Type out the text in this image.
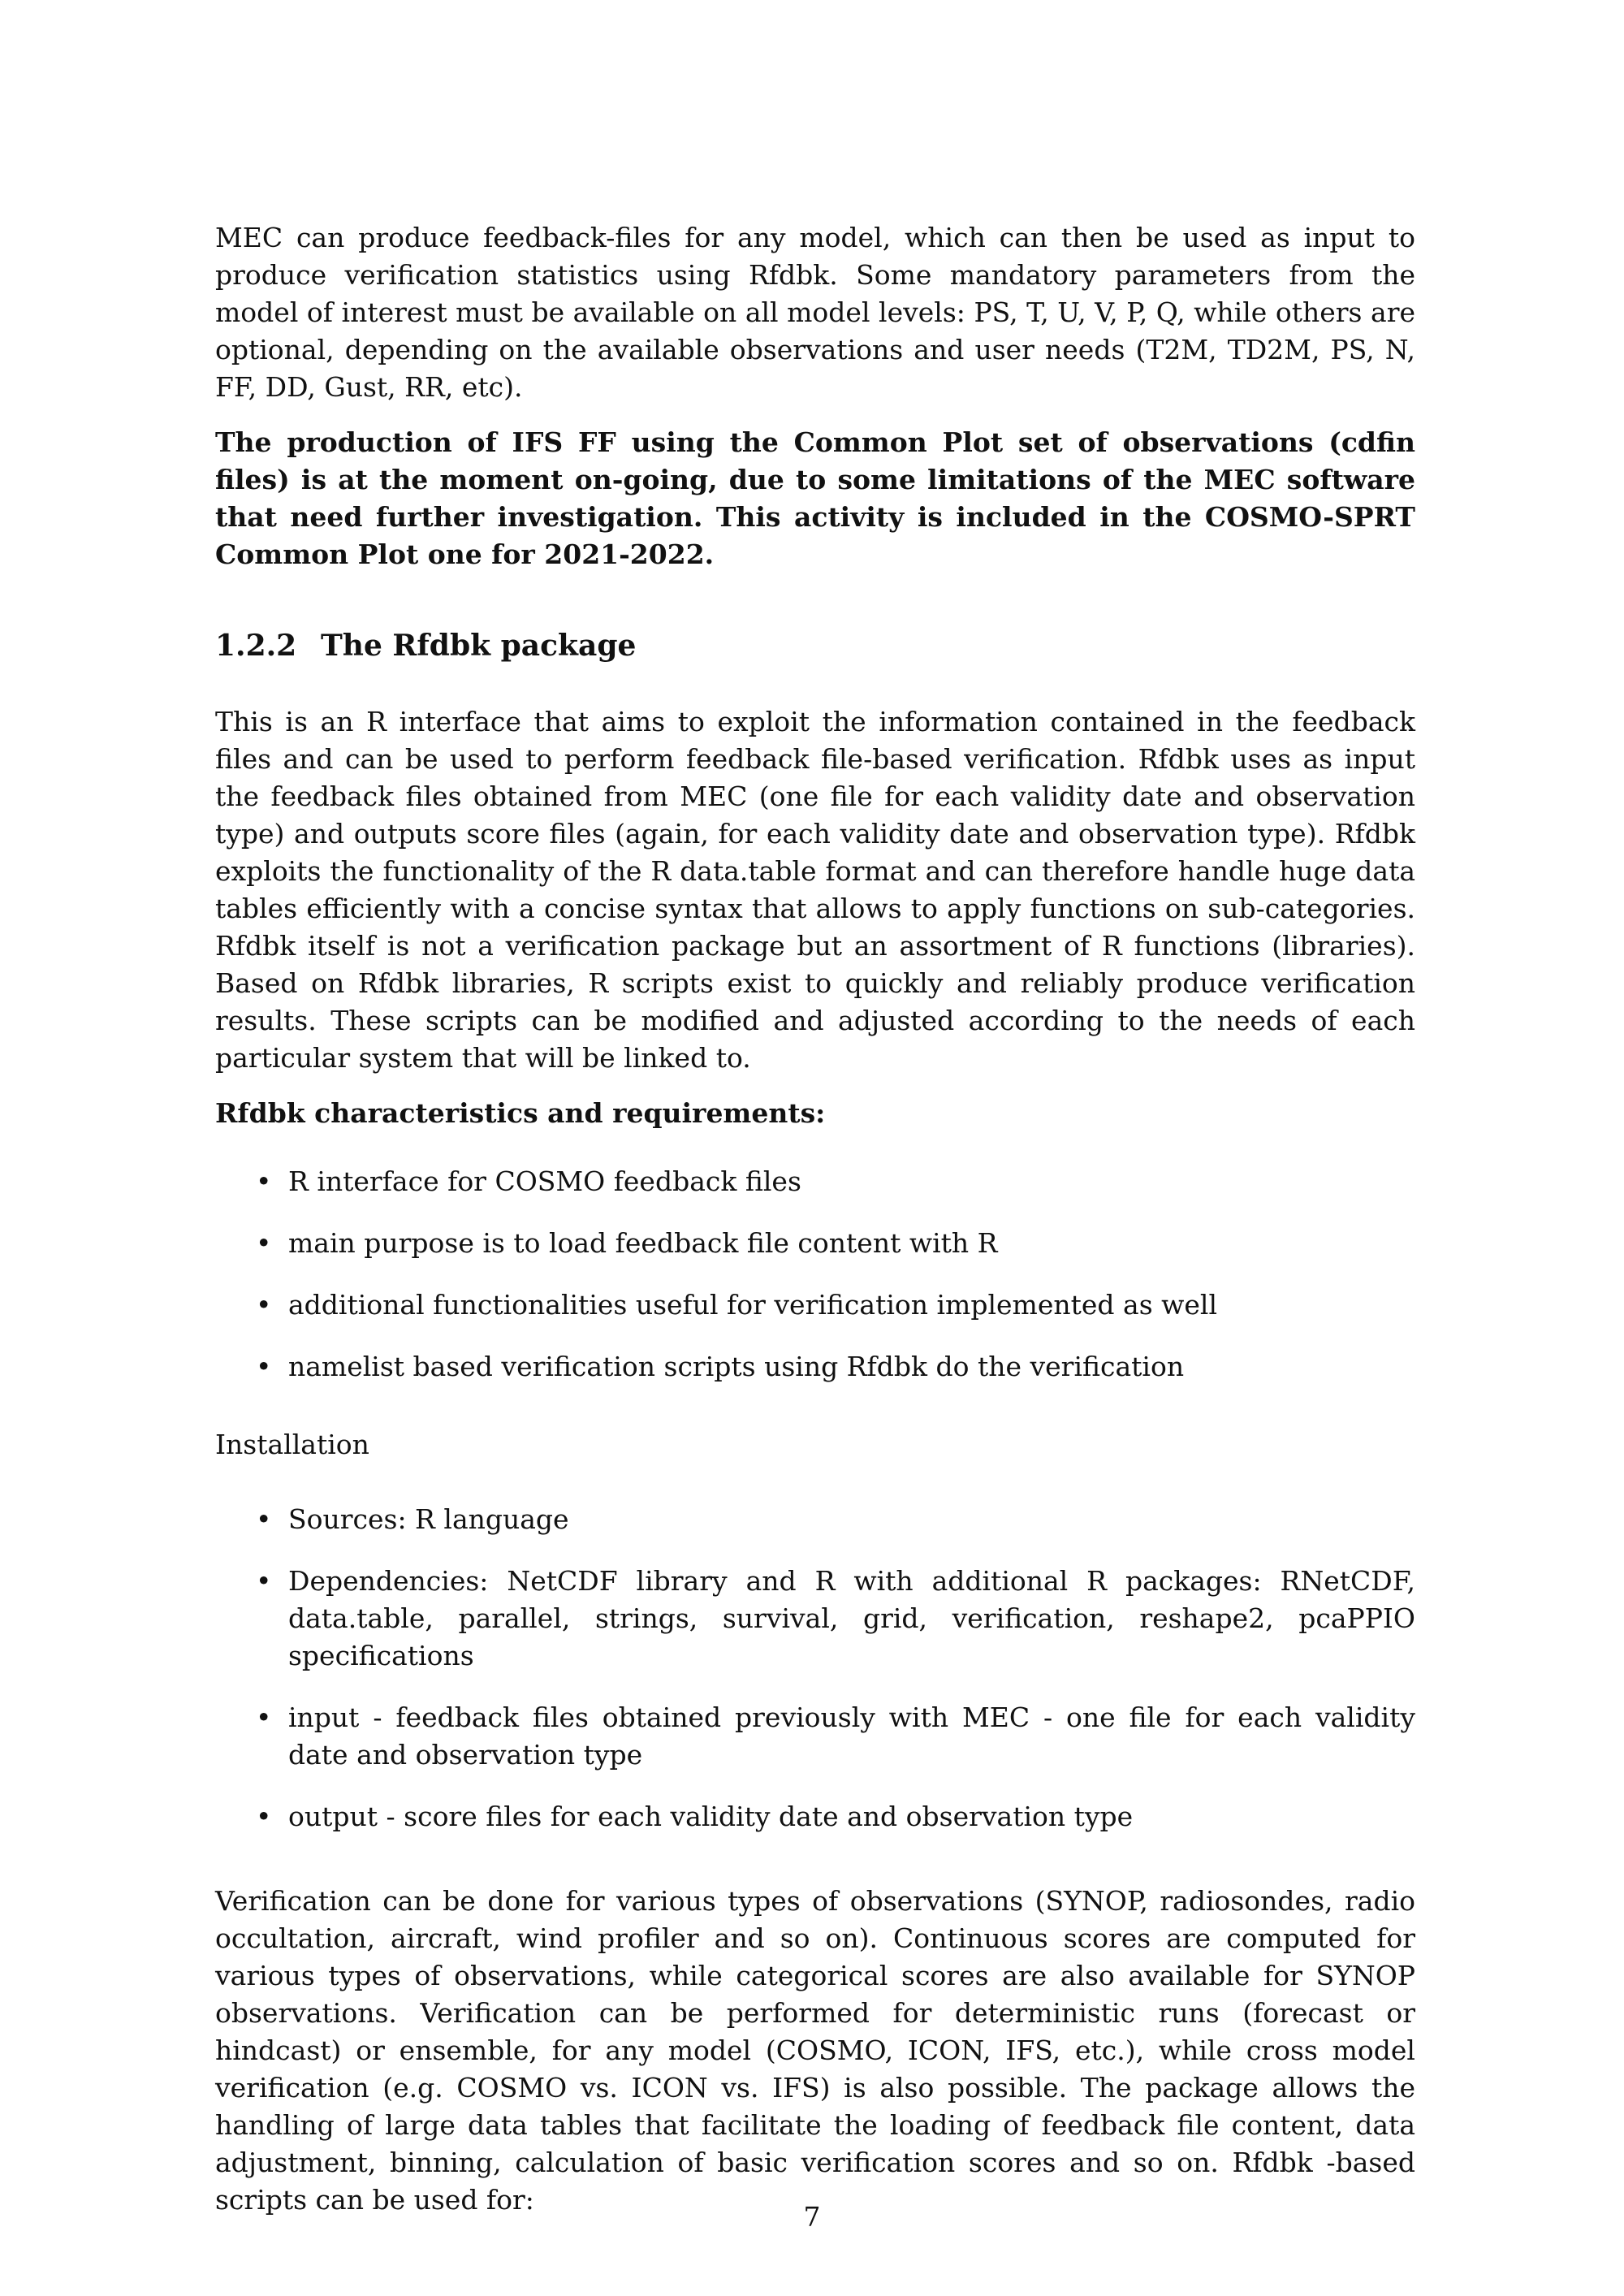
MEC can produce feedback-files for any model, which can then be used as input to produce verification statistics using Rfdbk. Some mandatory parameters from the model of interest must be available on all model levels: PS, T, U, V, P, Q, while others are optional, depending on the available observations and user needs (T2M, TD2M, PS, N, FF, DD, Gust, RR, etc).

The production of IFS FF using the Common Plot set of observations (cdfin files) is at the moment on-going, due to some limitations of the MEC software that need further investigation. This activity is included in the COSMO-SPRT Common Plot one for 2021-2022.

1.2.2 The Rfdbk package

This is an R interface that aims to exploit the information contained in the feedback files and can be used to perform feedback file-based verification. Rfdbk uses as input the feedback files obtained from MEC (one file for each validity date and observation type) and outputs score files (again, for each validity date and observation type). Rfdbk exploits the functionality of the R data.table format and can therefore handle huge data tables efficiently with a concise syntax that allows to apply functions on sub-categories. Rfdbk itself is not a verification package but an assortment of R functions (libraries). Based on Rfdbk libraries, R scripts exist to quickly and reliably produce verification results. These scripts can be modified and adjusted according to the needs of each particular system that will be linked to.

Rfdbk characteristics and requirements:

• R interface for COSMO feedback files
• main purpose is to load feedback file content with R
• additional functionalities useful for verification implemented as well
• namelist based verification scripts using Rfdbk do the verification

Installation

• Sources: R language
• Dependencies: NetCDF library and R with additional R packages: RNetCDF, data.table, parallel, strings, survival, grid, verification, reshape2, pcaPPIO specifications
• input - feedback files obtained previously with MEC - one file for each validity date and observation type
• output - score files for each validity date and observation type

Verification can be done for various types of observations (SYNOP, radiosondes, radio occultation, aircraft, wind profiler and so on). Continuous scores are computed for various types of observations, while categorical scores are also available for SYNOP observations. Verification can be performed for deterministic runs (forecast or hindcast) or ensemble, for any model (COSMO, ICON, IFS, etc.), while cross model verification (e.g. COSMO vs. ICON vs. IFS) is also possible. The package allows the handling of large data tables that facilitate the loading of feedback file content, data adjustment, binning, calculation of basic verification scores and so on. Rfdbk -based scripts can be used for:

7
